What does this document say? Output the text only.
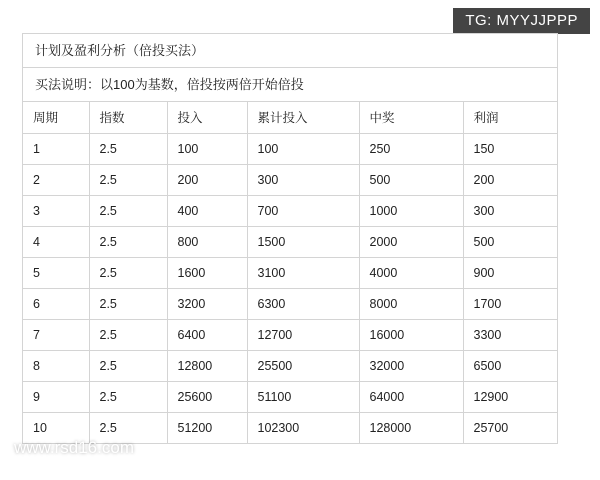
TG: MYYJJPPP
计划及盈利分析（倍投买法）
买法说明：以100为基数，倍投按两倍开始倍投
周期	指数	投入	累计投入	中奖	利润
1	2.5	100	100	250	150
2	2.5	200	300	500	200
3	2.5	400	700	1000	300
4	2.5	800	1500	2000	500
5	2.5	1600	3100	4000	900
6	2.5	3200	6300	8000	1700
7	2.5	6400	12700	16000	3300
8	2.5	12800	25500	32000	6500
9	2.5	25600	51100	64000	12900
10	2.5	51200	102300	128000	25700
www.rsd16.com
